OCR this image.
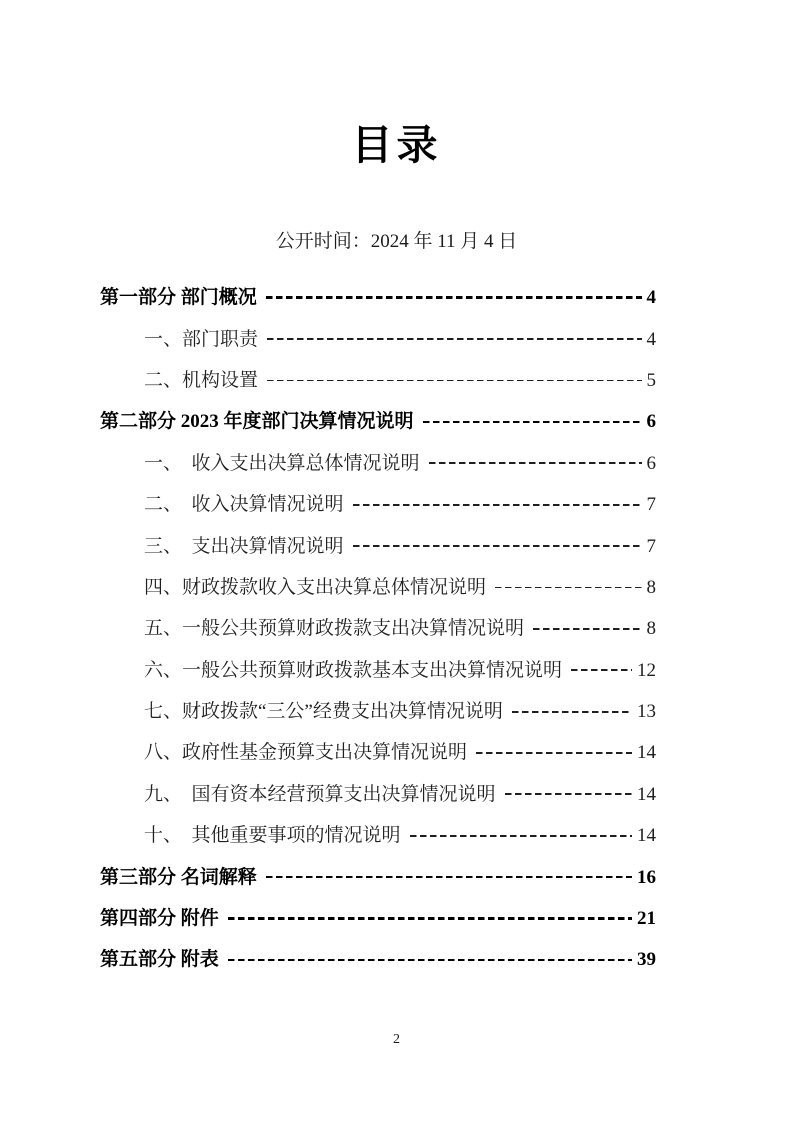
目录
公开时间：2024 年 11 月 4 日
第一部分 部门概况	4
一、部门职责	4
二、机构设置	5
第二部分 2023 年度部门决算情况说明	6
一、　收入支出决算总体情况说明	6
二、　收入决算情况说明	7
三、　支出决算情况说明	7
四、财政拨款收入支出决算总体情况说明	8
五、一般公共预算财政拨款支出决算情况说明	8
六、一般公共预算财政拨款基本支出决算情况说明	12
七、财政拨款“三公”经费支出决算情况说明	13
八、政府性基金预算支出决算情况说明	14
九、　国有资本经营预算支出决算情况说明	14
十、　其他重要事项的情况说明	14
第三部分 名词解释	16
第四部分 附件	21
第五部分 附表	39
2
